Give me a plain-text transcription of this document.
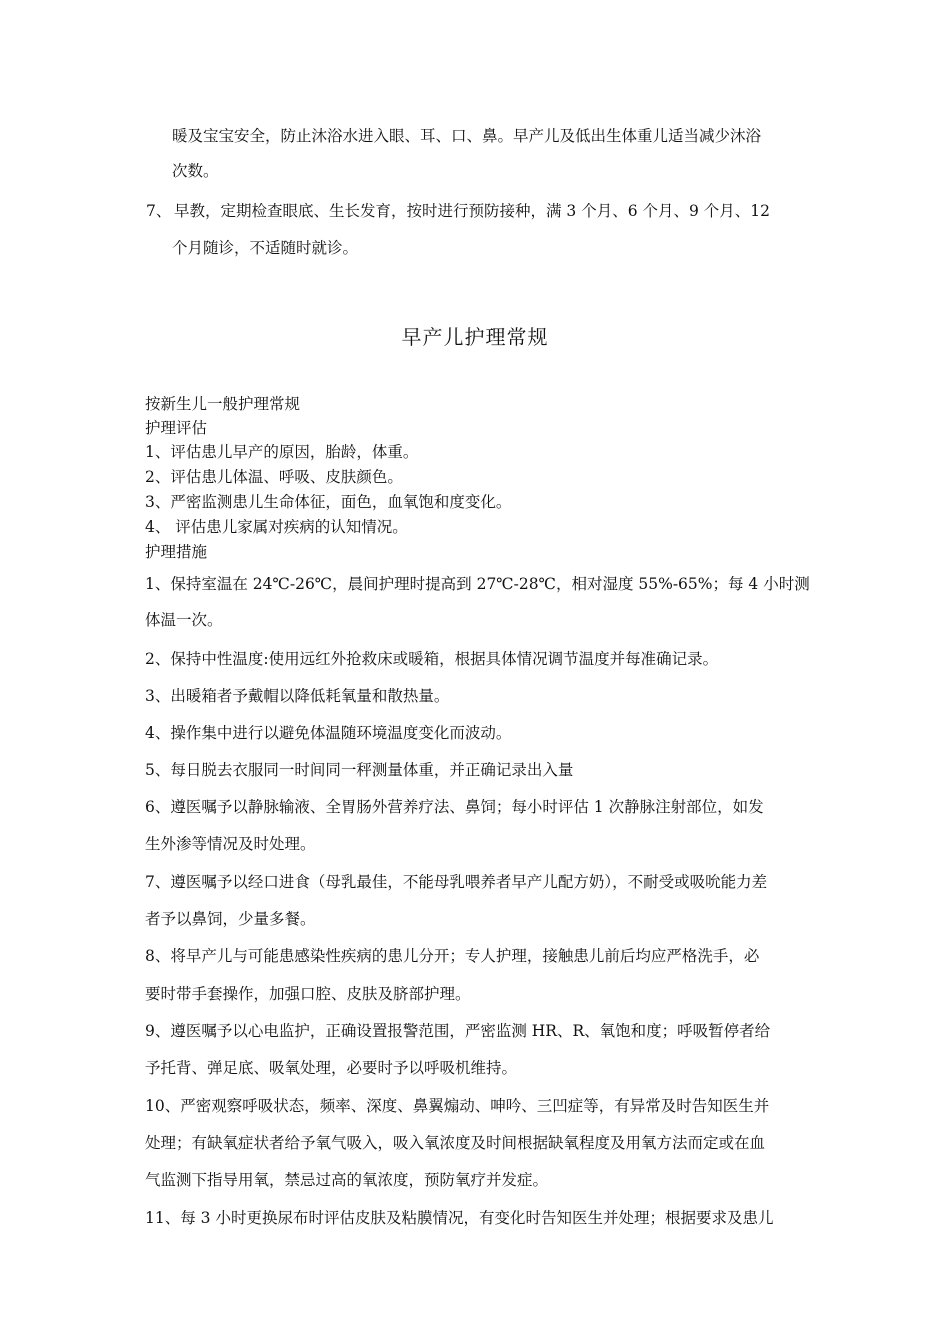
暖及宝宝安全，防止沐浴水进入眼、耳、口、鼻。早产儿及低出生体重儿适当减少沐浴
次数。
7、 早教，定期检查眼底、生长发育，按时进行预防接种，满 3 个月、6 个月、9 个月、12
个月随诊，不适随时就诊。
早产儿护理常规
按新生儿一般护理常规
护理评估
1、评估患儿早产的原因，胎龄，体重。
2、评估患儿体温、呼吸、皮肤颜色。
3、严密监测患儿生命体征，面色，血氧饱和度变化。
4、 评估患儿家属对疾病的认知情况。
护理措施
1、保持室温在 24℃-26℃，晨间护理时提高到 27℃-28℃，相对湿度 55%-65%；每 4 小时测
体温一次。
2、保持中性温度:使用远红外抢救床或暖箱，根据具体情况调节温度并每准确记录。
3、出暖箱者予戴帽以降低耗氧量和散热量。
4、操作集中进行以避免体温随环境温度变化而波动。
5、每日脱去衣服同一时间同一秤测量体重，并正确记录出入量
6、遵医嘱予以静脉输液、全胃肠外营养疗法、鼻饲；每小时评估 1 次静脉注射部位，如发
生外渗等情况及时处理。
7、遵医嘱予以经口进食（母乳最佳，不能母乳喂养者早产儿配方奶），不耐受或吸吮能力差
者予以鼻饲，少量多餐。
8、将早产儿与可能患感染性疾病的患儿分开；专人护理，接触患儿前后均应严格洗手，必
要时带手套操作，加强口腔、皮肤及脐部护理。
9、遵医嘱予以心电监护，正确设置报警范围，严密监测 HR、R、氧饱和度；呼吸暂停者给
予托背、弹足底、吸氧处理，必要时予以呼吸机维持。
10、严密观察呼吸状态，频率、深度、鼻翼煽动、呻吟、三凹症等，有异常及时告知医生并
处理；有缺氧症状者给予氧气吸入，吸入氧浓度及时间根据缺氧程度及用氧方法而定或在血
气监测下指导用氧，禁忌过高的氧浓度，预防氧疗并发症。
11、每 3 小时更换尿布时评估皮肤及粘膜情况，有变化时告知医生并处理；根据要求及患儿
